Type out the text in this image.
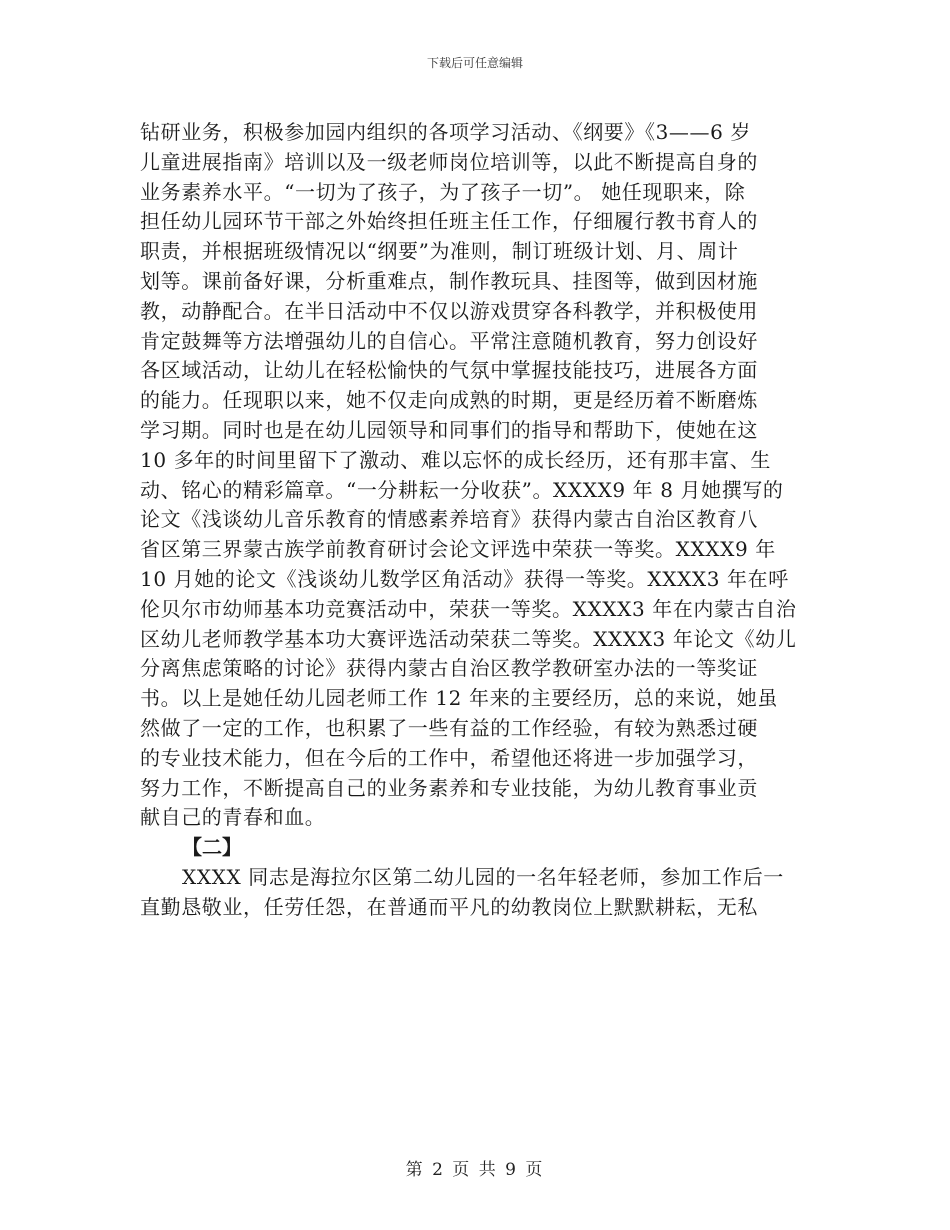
下载后可任意编辑
钻研业务，积极参加园内组织的各项学习活动、《纲要》《3——6 岁
儿童进展指南》培训以及一级老师岗位培训等，以此不断提高自身的
业务素养水平。“一切为了孩子，为了孩子一切”。 她任现职来，除
担任幼儿园环节干部之外始终担任班主任工作，仔细履行教书育人的
职责，并根据班级情况以“纲要”为准则，制订班级计划、月、周计
划等。课前备好课，分析重难点，制作教玩具、挂图等，做到因材施
教，动静配合。在半日活动中不仅以游戏贯穿各科教学，并积极使用
肯定鼓舞等方法增强幼儿的自信心。平常注意随机教育，努力创设好
各区域活动，让幼儿在轻松愉快的气氛中掌握技能技巧，进展各方面
的能力。任现职以来，她不仅走向成熟的时期，更是经历着不断磨炼
学习期。同时也是在幼儿园领导和同事们的指导和帮助下，使她在这
10 多年的时间里留下了激动、难以忘怀的成长经历，还有那丰富、生
动、铭心的精彩篇章。“一分耕耘一分收获”。XXXX9 年 8 月她撰写的
论文《浅谈幼儿音乐教育的情感素养培育》获得内蒙古自治区教育八
省区第三界蒙古族学前教育研讨会论文评选中荣获一等奖。XXXX9 年
10 月她的论文《浅谈幼儿数学区角活动》获得一等奖。XXXX3 年在呼
伦贝尔市幼师基本功竞赛活动中，荣获一等奖。XXXX3 年在内蒙古自治
区幼儿老师教学基本功大赛评选活动荣获二等奖。XXXX3 年论文《幼儿
分离焦虑策略的讨论》获得内蒙古自治区教学教研室办法的一等奖证
书。以上是她任幼儿园老师工作 12 年来的主要经历，总的来说，她虽
然做了一定的工作，也积累了一些有益的工作经验，有较为熟悉过硬
的专业技术能力，但在今后的工作中，希望他还将进一步加强学习，
努力工作，不断提高自己的业务素养和专业技能，为幼儿教育事业贡
献自己的青春和血。
【二】
XXXX 同志是海拉尔区第二幼儿园的一名年轻老师，参加工作后一
直勤恳敬业，任劳任怨，在普通而平凡的幼教岗位上默默耕耘，无私
第 2 页 共 9 页
